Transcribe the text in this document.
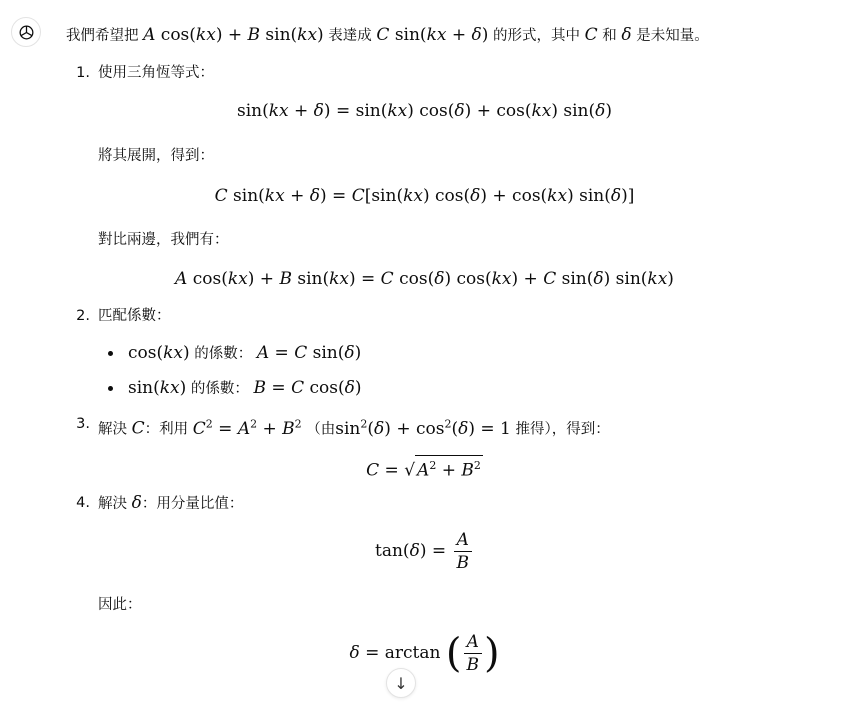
我們希望把 A cos(kx) + B sin(kx) 表達成 C sin(kx + δ) 的形式，其中 C 和 δ 是未知量。
1. 使用三角恆等式：
sin(kx + δ) = sin(kx) cos(δ) + cos(kx) sin(δ)
將其展開，得到：
C sin(kx + δ) = C[sin(kx) cos(δ) + cos(kx) sin(δ)]
對比兩邊，我們有：
A cos(kx) + B sin(kx) = C cos(δ) cos(kx) + C sin(δ) sin(kx)
2. 匹配係數：
cos(kx) 的係數： A = C sin(δ)
sin(kx) 的係數： B = C cos(δ)
3. 解決 C：利用 $C^2 = A^2 + B^2$ （由$\sin^2(\delta) + \cos^2(\delta) = 1$ 推得），得到：
C = √ $A^2 + B^2$
4. 解決 δ：用分量比值：
$\tan(\delta) = \frac{A}{B}$
因此：
δ = arctan ( $\frac{A}{B}$ )
↓
